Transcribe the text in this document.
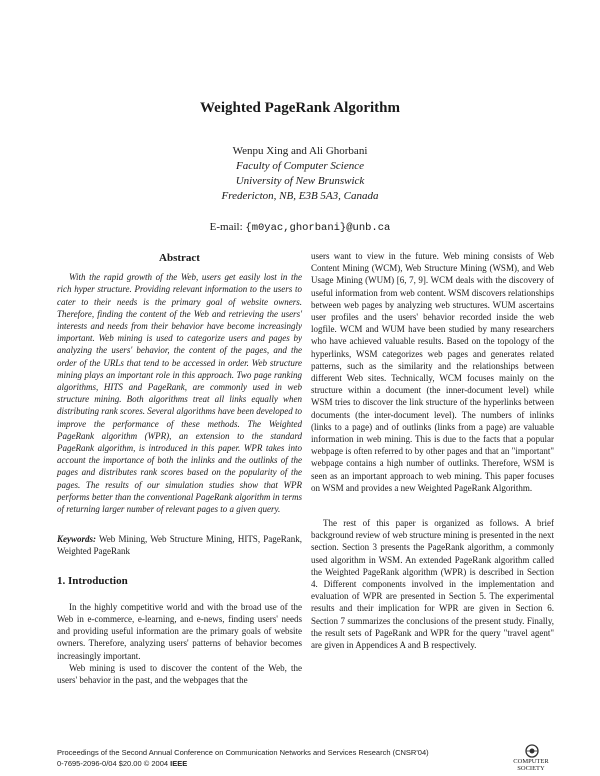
Weighted PageRank Algorithm
Wenpu Xing and Ali Ghorbani
Faculty of Computer Science
University of New Brunswick
Fredericton, NB, E3B 5A3, Canada
E-mail: {m0yac,ghorbani}@unb.ca
Abstract

With the rapid growth of the Web, users get easily lost in the rich hyper structure. Providing relevant information to the users to cater to their needs is the primary goal of website owners. Therefore, finding the content of the Web and retrieving the users' interests and needs from their behavior have become increasingly important. Web mining is used to categorize users and pages by analyzing the users' behavior, the content of the pages, and the order of the URLs that tend to be accessed in order. Web structure mining plays an important role in this approach. Two page ranking algorithms, HITS and PageRank, are commonly used in web structure mining. Both algorithms treat all links equally when distributing rank scores. Several algorithms have been developed to improve the performance of these methods. The Weighted PageRank algorithm (WPR), an extension to the standard PageRank algorithm, is introduced in this paper. WPR takes into account the importance of both the inlinks and the outlinks of the pages and distributes rank scores based on the popularity of the pages. The results of our simulation studies show that WPR performs better than the conventional PageRank algorithm in terms of returning larger number of relevant pages to a given query.

Keywords: Web Mining, Web Structure Mining, HITS, PageRank, Weighted PageRank

1. Introduction

In the highly competitive world and with the broad use of the Web in e-commerce, e-learning, and e-news, finding users' needs and providing useful information are the primary goals of website owners. Therefore, analyzing users' patterns of behavior becomes increasingly important.

Web mining is used to discover the content of the Web, the users' behavior in the past, and the webpages that the

users want to view in the future. Web mining consists of Web Content Mining (WCM), Web Structure Mining (WSM), and Web Usage Mining (WUM) [6, 7, 9]. WCM deals with the discovery of useful information from web content. WSM discovers relationships between web pages by analyzing web structures. WUM ascertains user profiles and the users' behavior recorded inside the web logfile. WCM and WUM have been studied by many researchers who have achieved valuable results. Based on the topology of the hyperlinks, WSM categorizes web pages and generates related patterns, such as the similarity and the relationships between different Web sites. Technically, WCM focuses mainly on the structure within a document (the inner-document level) while WSM tries to discover the link structure of the hyperlinks between documents (the inter-document level). The numbers of inlinks (links to a page) and of outlinks (links from a page) are valuable information in web mining. This is due to the facts that a popular webpage is often referred to by other pages and that an "important" webpage contains a high number of outlinks. Therefore, WSM is seen as an important approach to web mining. This paper focuses on WSM and provides a new Weighted PageRank Algorithm.

The rest of this paper is organized as follows. A brief background review of web structure mining is presented in the next section. Section 3 presents the PageRank algorithm, a commonly used algorithm in WSM. An extended PageRank algorithm called the Weighted PageRank algorithm (WPR) is described in Section 4. Different components involved in the implementation and evaluation of WPR are presented in Section 5. The experimental results and their implication for WPR are given in Section 6. Section 7 summarizes the conclusions of the present study. Finally, the result sets of PageRank and WPR for the query "travel agent" are given in Appendices A and B respectively.

Proceedings of the Second Annual Conference on Communication Networks and Services Research (CNSR'04)
0-7695-2096-0/04 $20.00 © 2004 IEEE	COMPUTER
SOCIETY
